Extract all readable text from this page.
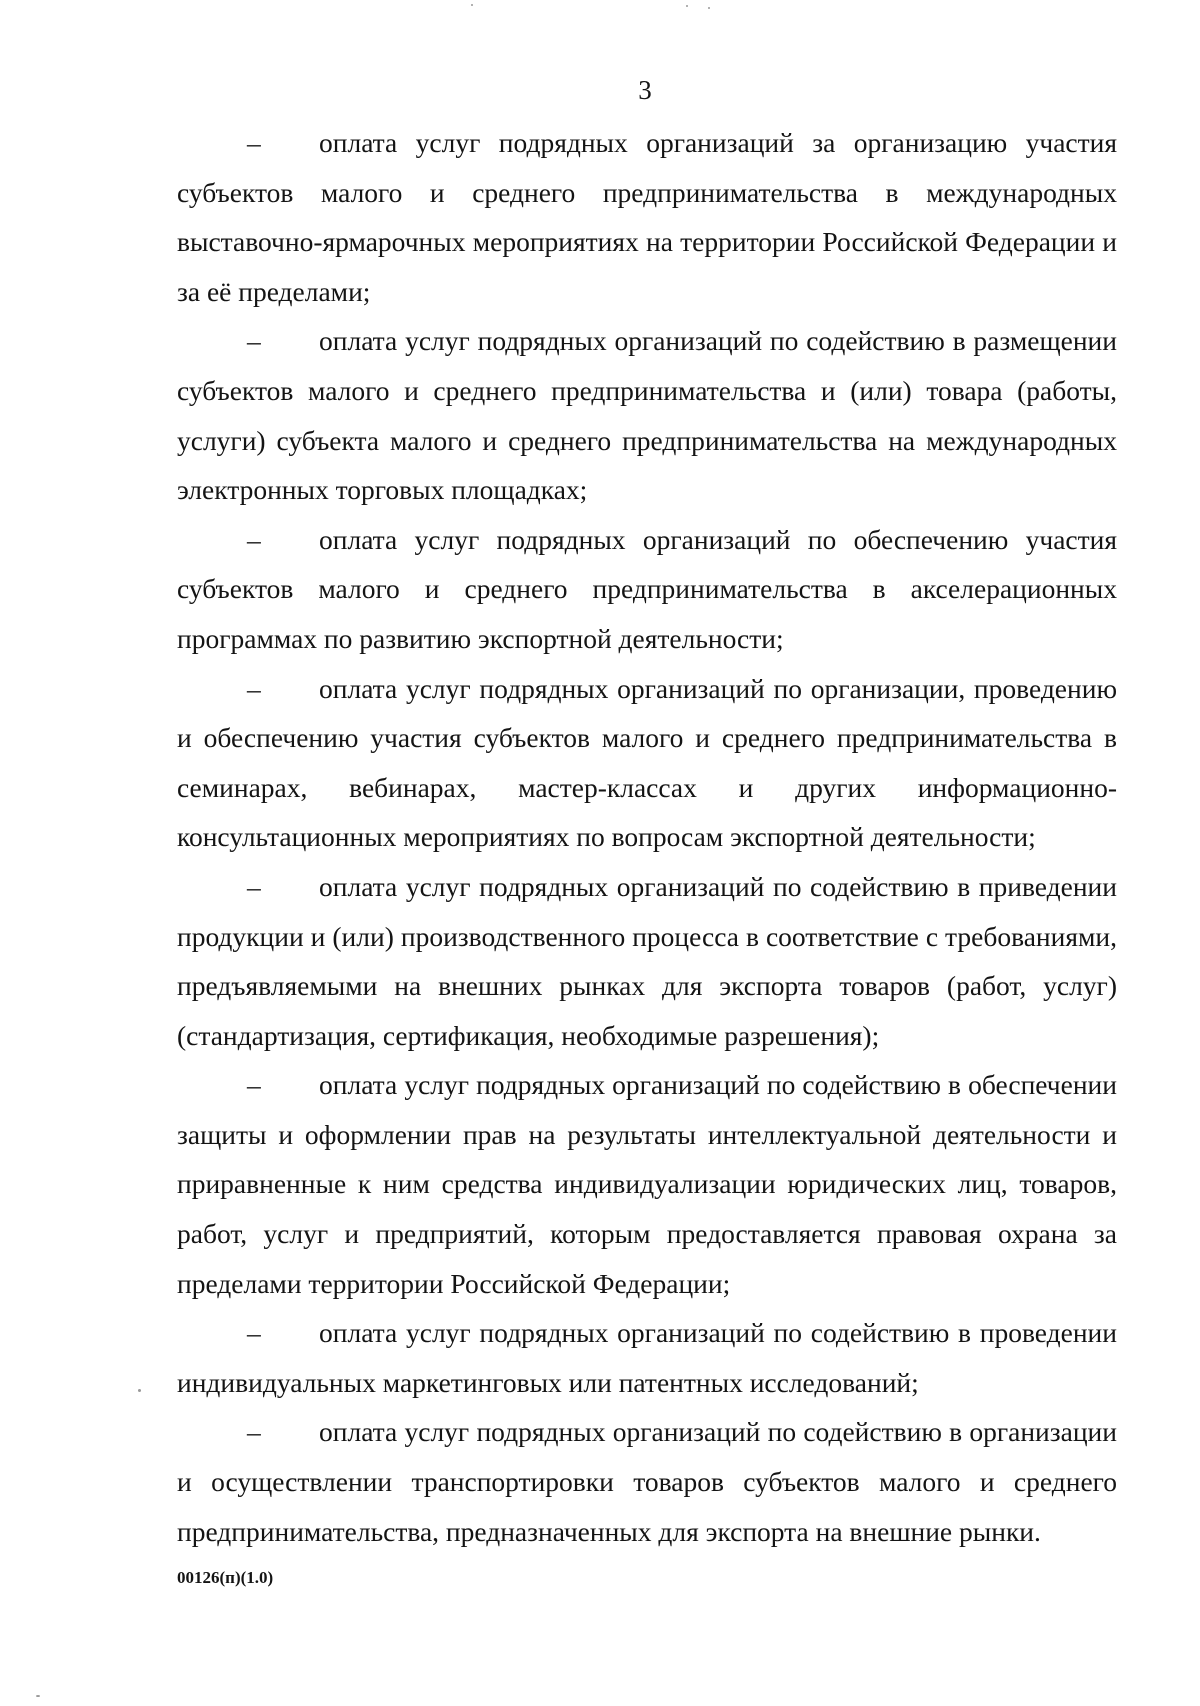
3

– оплата услуг подрядных организаций за организацию участия субъектов малого и среднего предпринимательства в международных выставочно-ярмарочных мероприятиях на территории Российской Федерации и за её пределами;

– оплата услуг подрядных организаций по содействию в размещении субъектов малого и среднего предпринимательства и (или) товара (работы, услуги) субъекта малого и среднего предпринимательства на международных электронных торговых площадках;

– оплата услуг подрядных организаций по обеспечению участия субъектов малого и среднего предпринимательства в акселерационных программах по развитию экспортной деятельности;

– оплата услуг подрядных организаций по организации, проведению и обеспечению участия субъектов малого и среднего предпринимательства в семинарах, вебинарах, мастер-классах и других информационно-консультационных мероприятиях по вопросам экспортной деятельности;

– оплата услуг подрядных организаций по содействию в приведении продукции и (или) производственного процесса в соответствие с требованиями, предъявляемыми на внешних рынках для экспорта товаров (работ, услуг) (стандартизация, сертификация, необходимые разрешения);

– оплата услуг подрядных организаций по содействию в обеспечении защиты и оформлении прав на результаты интеллектуальной деятельности и приравненные к ним средства индивидуализации юридических лиц, товаров, работ, услуг и предприятий, которым предоставляется правовая охрана за пределами территории Российской Федерации;

– оплата услуг подрядных организаций по содействию в проведении индивидуальных маркетинговых или патентных исследований;

– оплата услуг подрядных организаций по содействию в организации и осуществлении транспортировки товаров субъектов малого и среднего предпринимательства, предназначенных для экспорта на внешние рынки.

00126(п)(1.0)
